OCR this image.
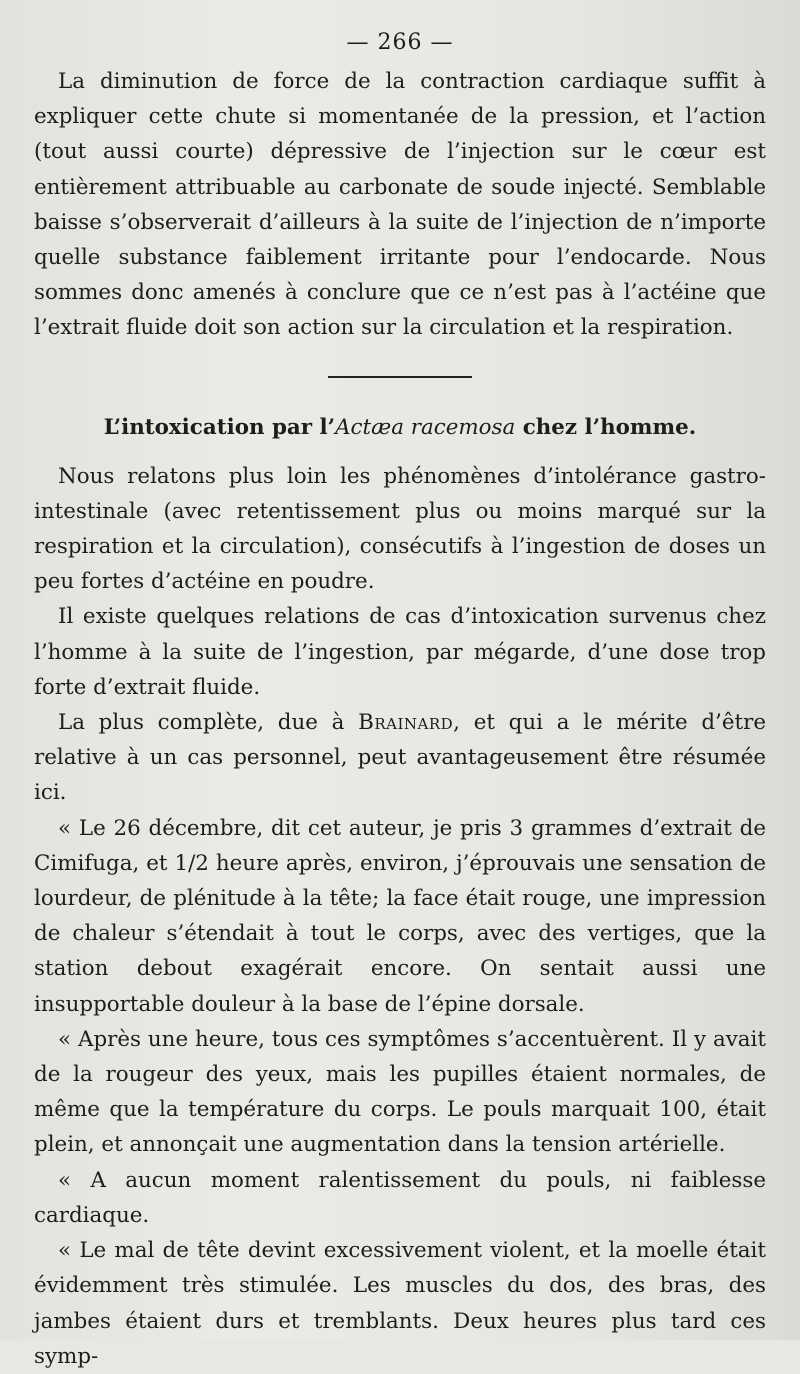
— 266 —

La diminution de force de la contraction cardiaque suffit à expliquer cette chute si momentanée de la pression, et l’action (tout aussi courte) dépressive de l’injection sur le cœur est entièrement attribuable au carbonate de soude injecté. Semblable baisse s’observerait d’ailleurs à la suite de l’injection de n’importe quelle substance faiblement irritante pour l’endocarde. Nous sommes donc amenés à conclure que ce n’est pas à l’actéine que l’extrait fluide doit son action sur la circulation et la respiration.

L’intoxication par l’Actæa racemosa chez l’homme.

Nous relatons plus loin les phénomènes d’intolérance gastro-intestinale (avec retentissement plus ou moins marqué sur la respiration et la circulation), consécutifs à l’ingestion de doses un peu fortes d’actéine en poudre.

Il existe quelques relations de cas d’intoxication survenus chez l’homme à la suite de l’ingestion, par mégarde, d’une dose trop forte d’extrait fluide.

La plus complète, due à Brainard, et qui a le mérite d’être relative à un cas personnel, peut avantageusement être résumée ici.

« Le 26 décembre, dit cet auteur, je pris 3 grammes d’extrait de Cimifuga, et 1/2 heure après, environ, j’éprouvais une sensation de lourdeur, de plénitude à la tête; la face était rouge, une impression de chaleur s’étendait à tout le corps, avec des vertiges, que la station debout exagérait encore. On sentait aussi une insupportable douleur à la base de l’épine dorsale.

« Après une heure, tous ces symptômes s’accentuèrent. Il y avait de la rougeur des yeux, mais les pupilles étaient normales, de même que la température du corps. Le pouls marquait 100, était plein, et annonçait une augmentation dans la tension artérielle.

« A aucun moment ralentissement du pouls, ni faiblesse cardiaque.

« Le mal de tête devint excessivement violent, et la moelle était évidemment très stimulée. Les muscles du dos, des bras, des jambes étaient durs et tremblants. Deux heures plus tard ces symp-
